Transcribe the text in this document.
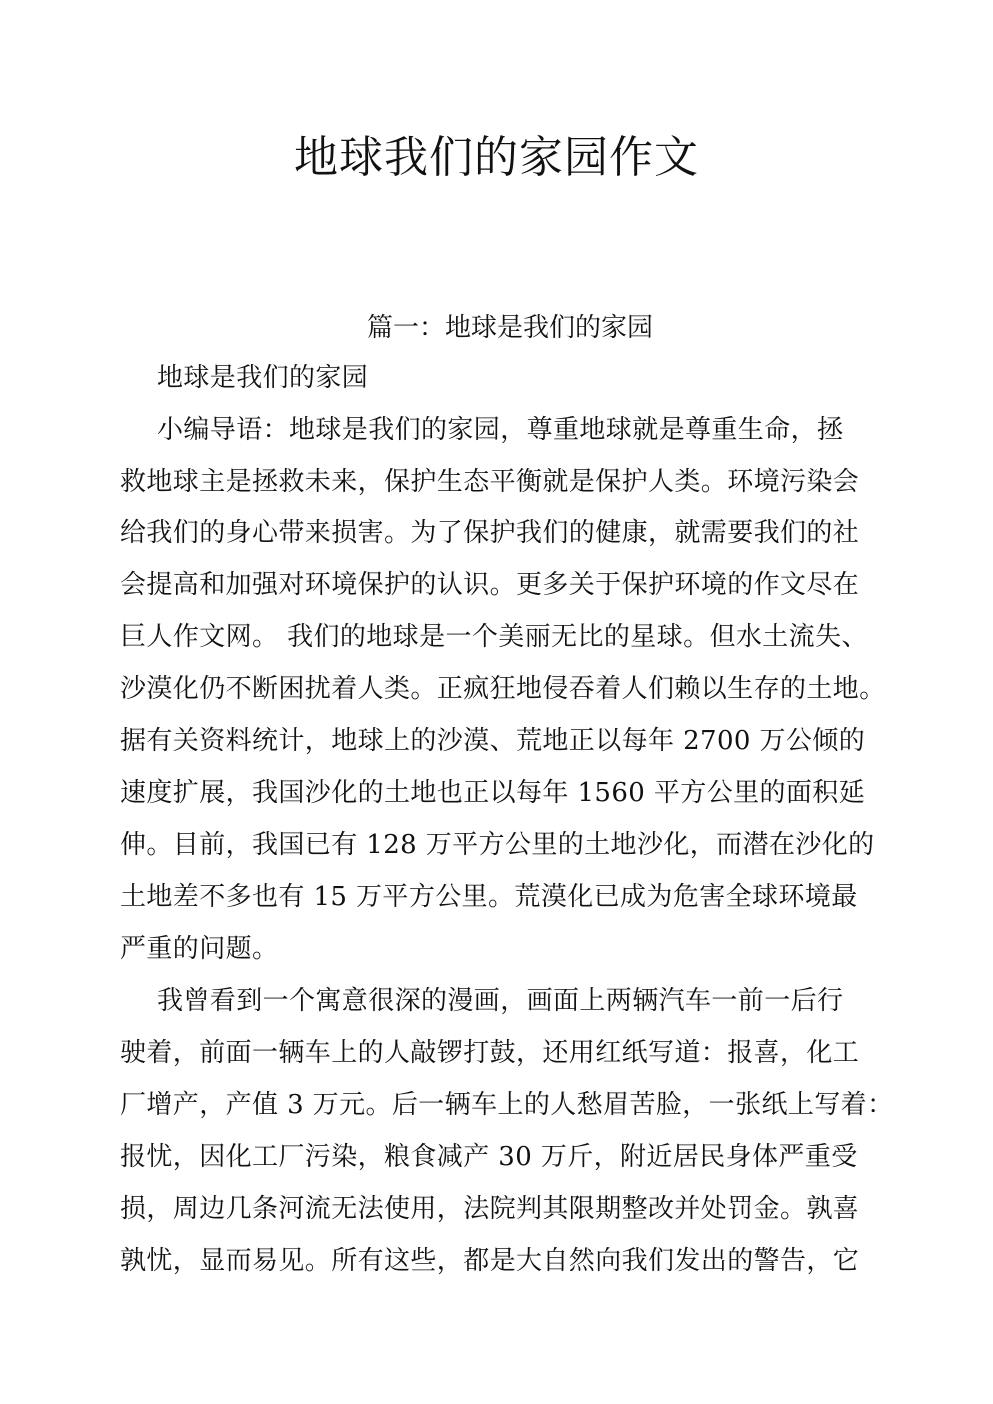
地球我们的家园作文
篇一：地球是我们的家园
地球是我们的家园
小编导语：地球是我们的家园，尊重地球就是尊重生命，拯
救地球主是拯救未来，保护生态平衡就是保护人类。环境污染会
给我们的身心带来损害。为了保护我们的健康，就需要我们的社
会提高和加强对环境保护的认识。更多关于保护环境的作文尽在
巨人作文网。 我们的地球是一个美丽无比的星球。但水土流失、
沙漠化仍不断困扰着人类。正疯狂地侵吞着人们赖以生存的土地。
据有关资料统计，地球上的沙漠、荒地正以每年 2700 万公倾的
速度扩展，我国沙化的土地也正以每年 1560 平方公里的面积延
伸。目前，我国已有 128 万平方公里的土地沙化，而潜在沙化的
土地差不多也有 15 万平方公里。荒漠化已成为危害全球环境最
严重的问题。
我曾看到一个寓意很深的漫画，画面上两辆汽车一前一后行
驶着，前面一辆车上的人敲锣打鼓，还用红纸写道：报喜，化工
厂增产，产值 3 万元。后一辆车上的人愁眉苦脸，一张纸上写着：
报忧，因化工厂污染，粮食减产 30 万斤，附近居民身体严重受
损，周边几条河流无法使用，法院判其限期整改并处罚金。孰喜
孰忧，显而易见。所有这些，都是大自然向我们发出的警告，它
